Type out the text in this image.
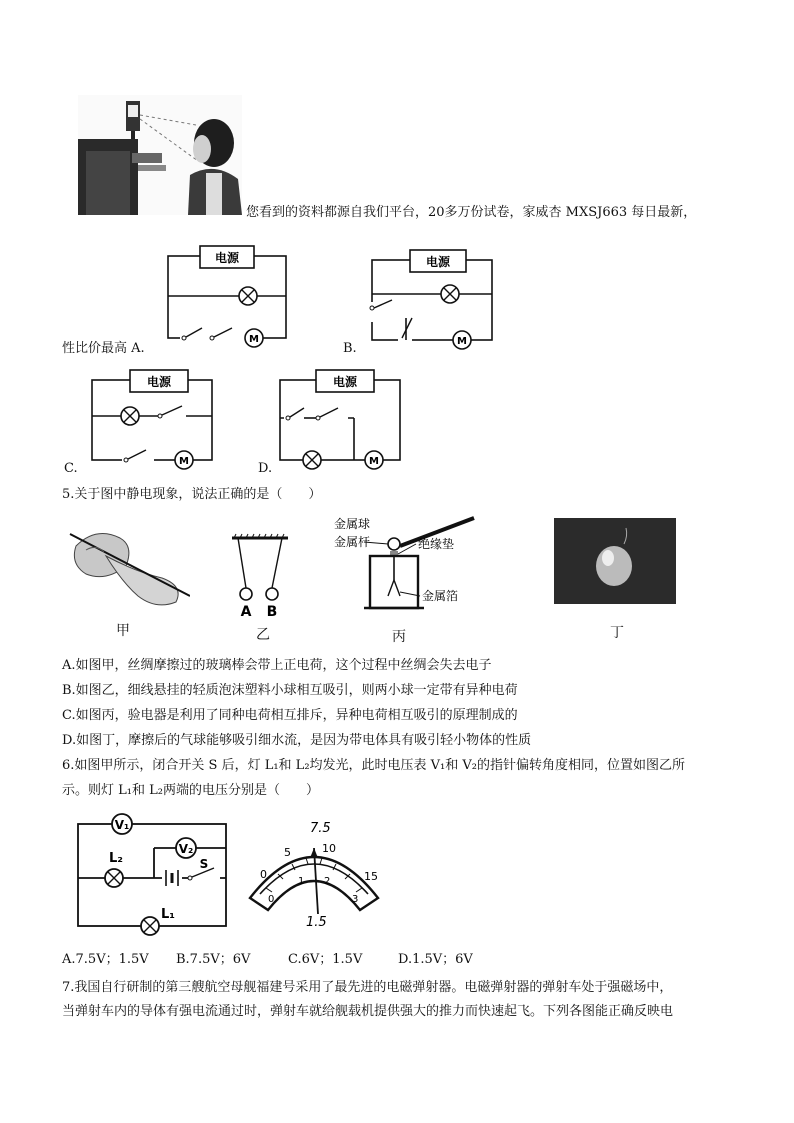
您看到的资料都源自我们平台，20多万份试卷，家威杏 MXSJ663 每日最新，
电源
M
性比价最高 A.
电源
M
B.
电源
M
C.
电源
M
D.
5.关于图中静电现象，说法正确的是（　　）
甲
A B
乙
金属球
金属杆	绝缘垫
金属箔
丙	丁
A.如图甲，丝绸摩擦过的玻璃棒会带上正电荷，这个过程中丝绸会失去电子
B.如图乙，细线悬挂的轻质泡沫塑料小球相互吸引，则两小球一定带有异种电荷
C.如图丙，验电器是利用了同种电荷相互排斥，异种电荷相互吸引的原理制成的
D.如图丁，摩擦后的气球能够吸引细水流，是因为带电体具有吸引轻小物体的性质
6.如图甲所示，闭合开关 S 后，灯 L₁和 L₂均发光，此时电压表 V₁和 V₂的指针偏转角度相同，位置如图乙所
示。则灯 L₁和 L₂两端的电压分别是（　　）
V₁
V₂
L₂	S
L₁
0
5	10
15
0
1 2
3
7.5
1.5
A.7.5V；1.5V B.7.5V；6V	C.6V；1.5V	D.1.5V；6V
7.我国自行研制的第三艘航空母舰福建号采用了最先进的电磁弹射器。电磁弹射器的弹射车处于强磁场中，
当弹射车内的导体有强电流通过时，弹射车就给舰载机提供强大的推力而快速起飞。下列各图能正确反映电
